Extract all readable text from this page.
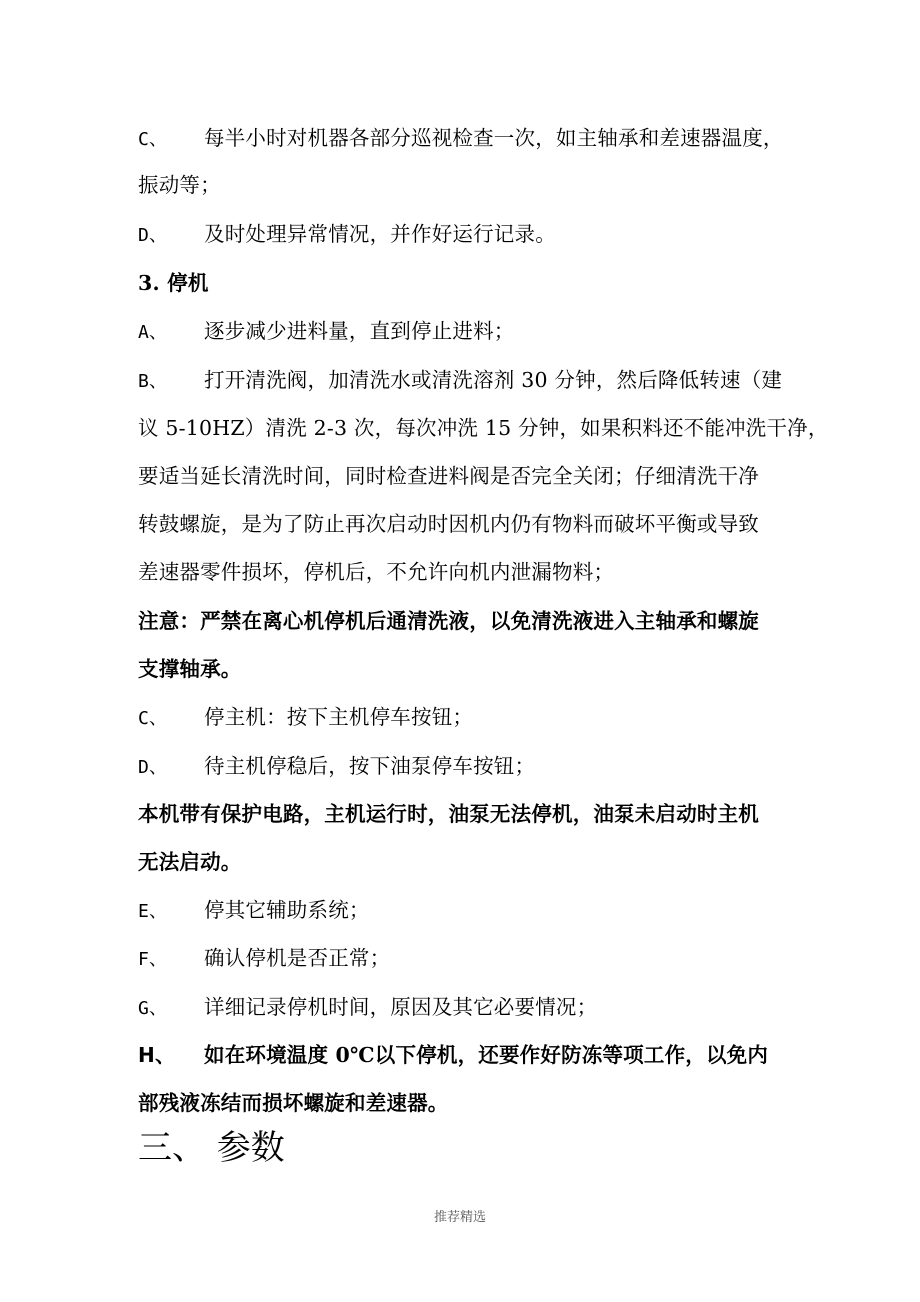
C、 每半小时对机器各部分巡视检查一次，如主轴承和差速器温度，
振动等；
D、 及时处理异常情况，并作好运行记录。
3. 停机
A、 逐步减少进料量，直到停止进料；
B、 打开清洗阀，加清洗水或清洗溶剂 30 分钟，然后降低转速（建
议 5-10HZ）清洗 2-3 次，每次冲洗 15 分钟，如果积料还不能冲洗干净，
要适当延长清洗时间，同时检查进料阀是否完全关闭；仔细清洗干净
转鼓螺旋，是为了防止再次启动时因机内仍有物料而破坏平衡或导致
差速器零件损坏，停机后，不允许向机内泄漏物料；
注意：严禁在离心机停机后通清洗液，以免清洗液进入主轴承和螺旋
支撑轴承。
C、 停主机：按下主机停车按钮；
D、 待主机停稳后，按下油泵停车按钮；
本机带有保护电路，主机运行时，油泵无法停机，油泵未启动时主机
无法启动。
E、 停其它辅助系统；
F、 确认停机是否正常；
G、 详细记录停机时间，原因及其它必要情况；
H、 如在环境温度 0℃以下停机，还要作好防冻等项工作，以免内
部残液冻结而损坏螺旋和差速器。
三、 参数
推荐精选
